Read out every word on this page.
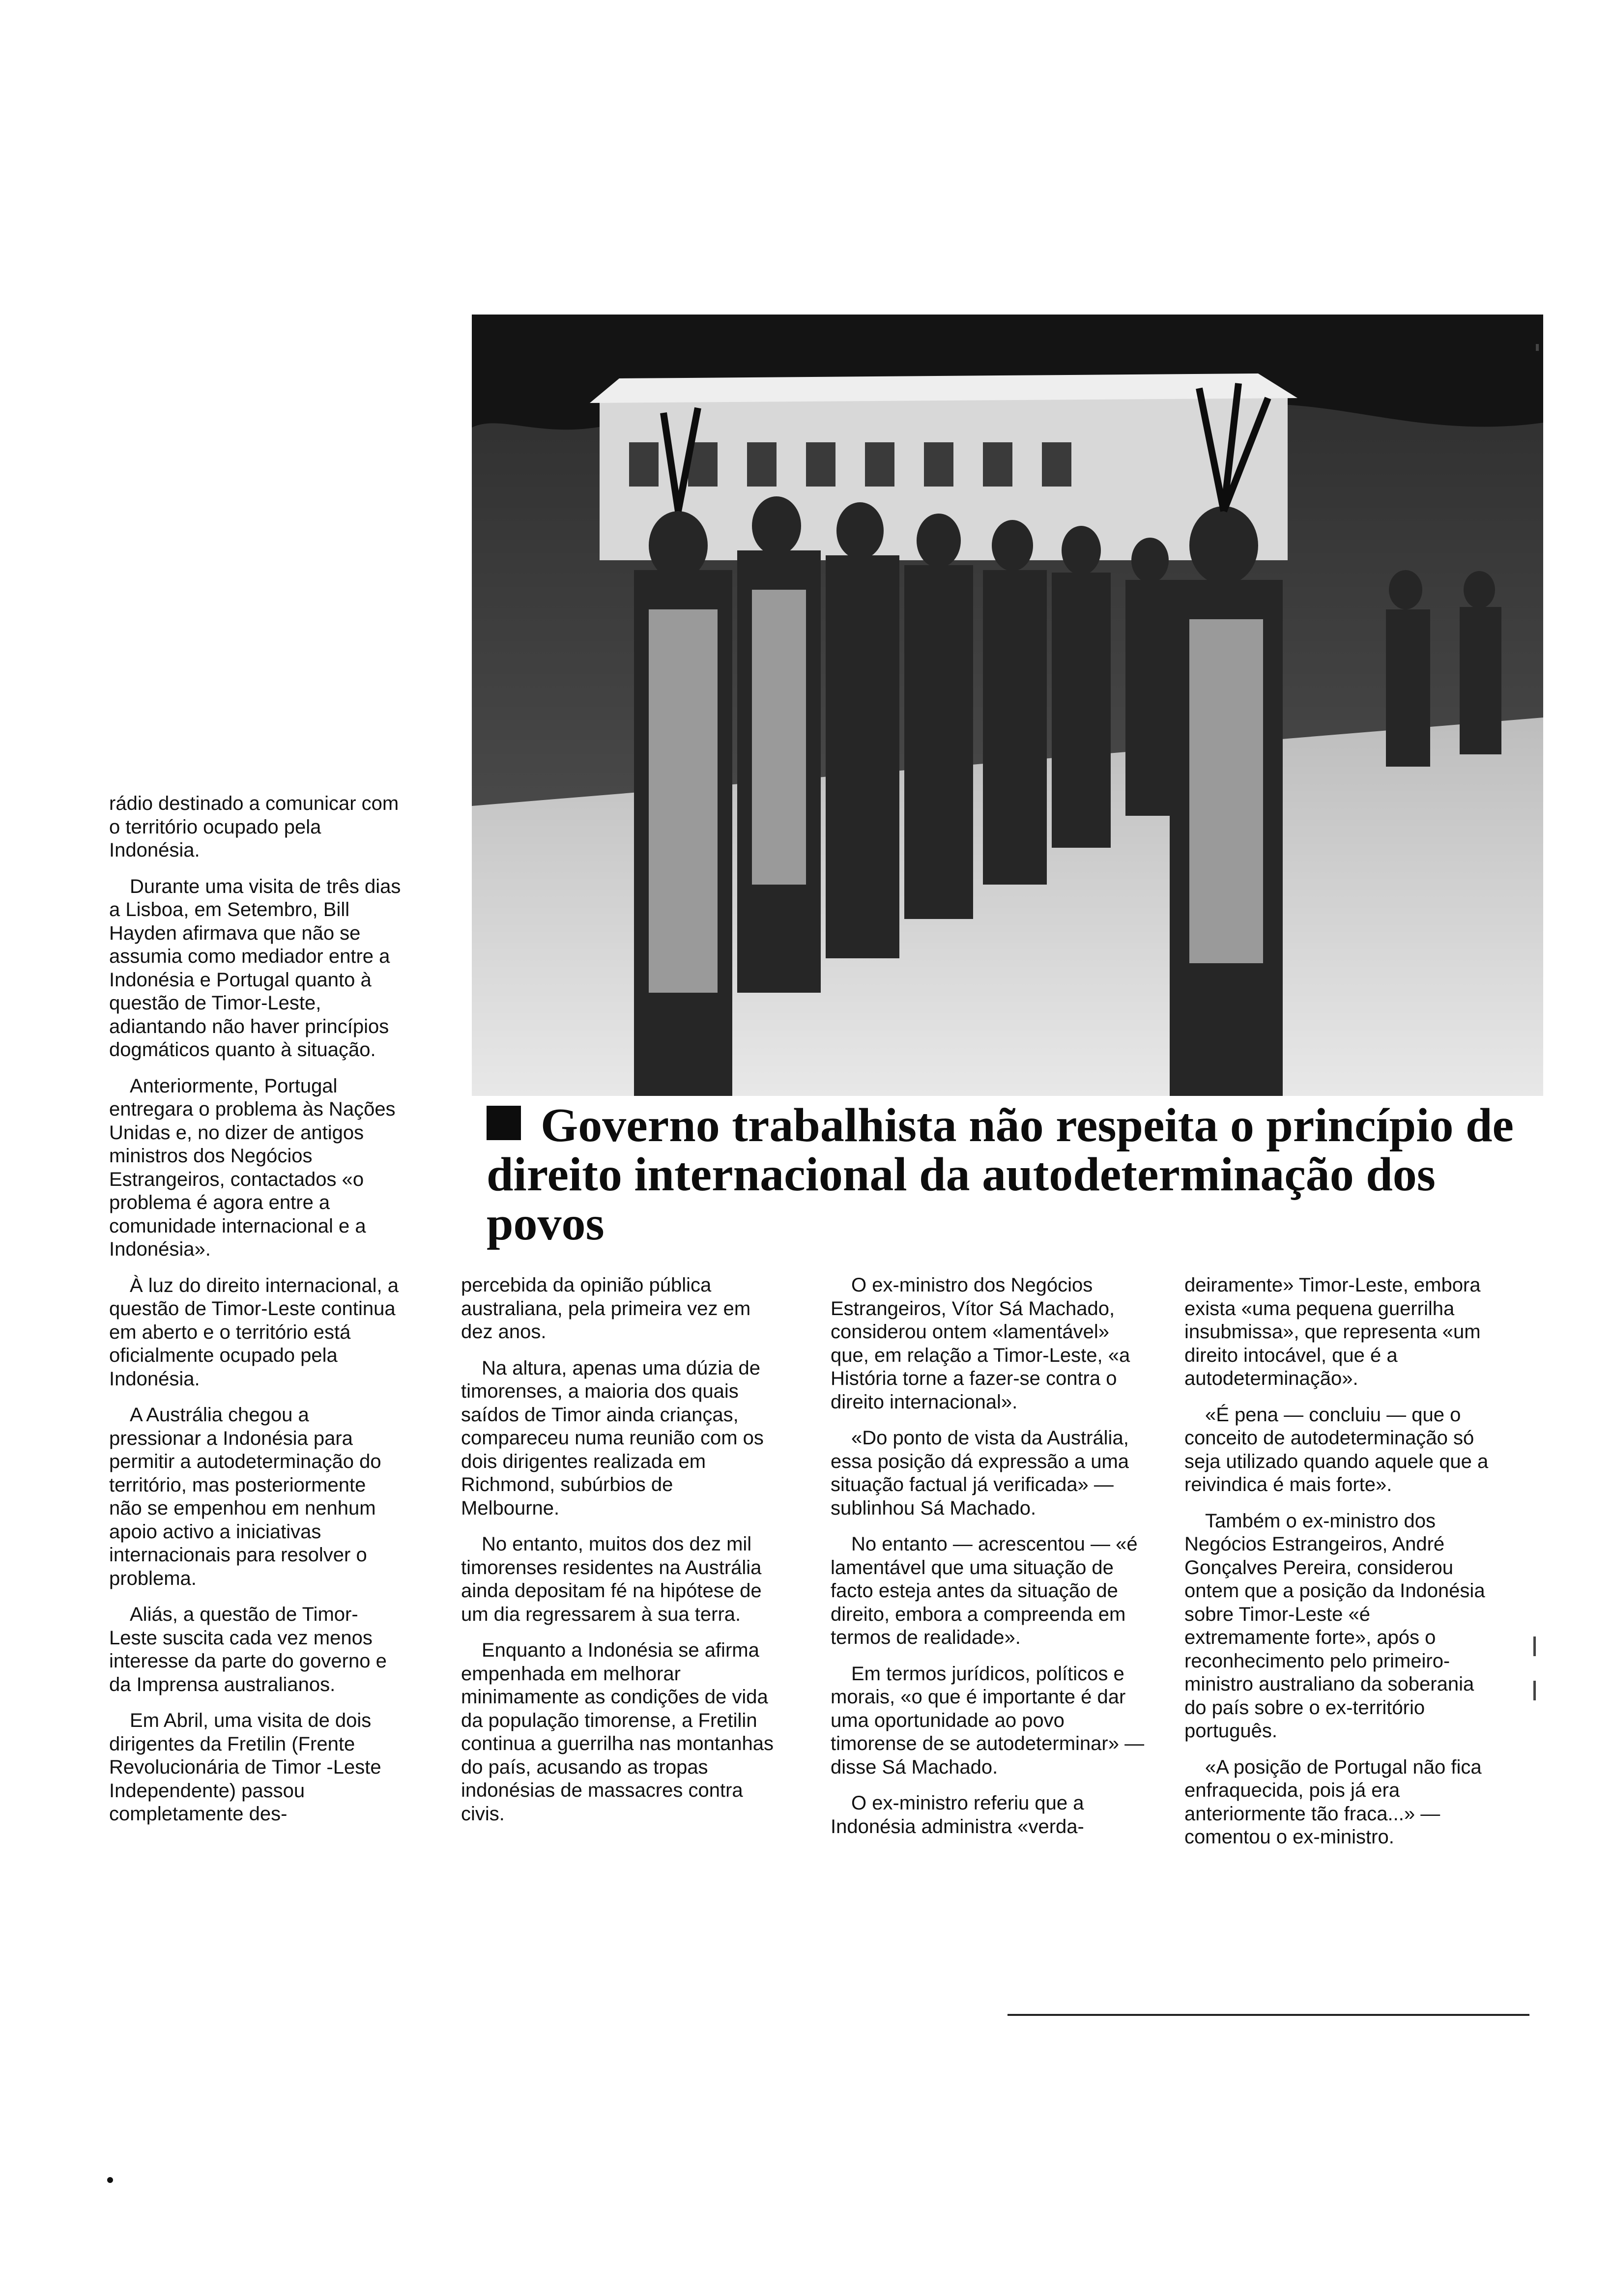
rádio destinado a comunicar com o território ocupado pela Indonésia.

Durante uma visita de três dias a Lisboa, em Setembro, Bill Hayden afirmava que não se assumia como mediador entre a Indonésia e Portugal quanto à questão de Timor-Leste, adiantando não haver princípios dogmáticos quanto à situação.

Anteriormente, Portugal entregara o problema às Nações Unidas e, no dizer de antigos ministros dos Negócios Estrangeiros, contactados «o problema é agora entre a comunidade internacional e a Indonésia».

À luz do direito internacional, a questão de Timor-Leste continua em aberto e o território está oficialmente ocupado pela Indonésia.

A Austrália chegou a pressionar a Indonésia para permitir a autodeterminação do território, mas posteriormente não se empenhou em nenhum apoio activo a iniciativas internacionais para resolver o problema.

Aliás, a questão de Timor-Leste suscita cada vez menos interesse da parte do governo e da Imprensa australianos.

Em Abril, uma visita de dois dirigentes da Fretilin (Frente Revolucionária de Timor -Leste Independente) passou completamente des-

Governo trabalhista não respeita o princípio de direito internacional da autodeterminação dos povos

percebida da opinião pública australiana, pela primeira vez em dez anos.

Na altura, apenas uma dúzia de timorenses, a maioria dos quais saídos de Timor ainda crianças, compareceu numa reunião com os dois dirigentes realizada em Richmond, subúrbios de Melbourne.

No entanto, muitos dos dez mil timorenses residentes na Austrália ainda depositam fé na hipótese de um dia regressarem à sua terra.

Enquanto a Indonésia se afirma empenhada em melhorar minimamente as condições de vida da população timorense, a Fretilin continua a guerrilha nas montanhas do país, acusando as tropas indonésias de massacres contra civis.

O ex-ministro dos Negócios Estrangeiros, Vítor Sá Machado, considerou ontem «lamentável» que, em relação a Timor-Leste, «a História torne a fazer-se contra o direito internacional».

«Do ponto de vista da Austrália, essa posição dá expressão a uma situação factual já verificada» — sublinhou Sá Machado.

No entanto — acrescentou — «é lamentável que uma situação de facto esteja antes da situação de direito, embora a compreenda em termos de realidade».

Em termos jurídicos, políticos e morais, «o que é importante é dar uma oportunidade ao povo timorense de se autodeterminar» — disse Sá Machado.

O ex-ministro referiu que a Indonésia administra «verda-

deiramente» Timor-Leste, embora exista «uma pequena guerrilha insubmissa», que representa «um direito intocável, que é a autodeterminação».

«É pena — concluiu — que o conceito de autodeterminação só seja utilizado quando aquele que a reivindica é mais forte».

Também o ex-ministro dos Negócios Estrangeiros, André Gonçalves Pereira, considerou ontem que a posição da Indonésia sobre Timor-Leste «é extremamente forte», após o reconhecimento pelo primeiro-ministro australiano da soberania do país sobre o ex-território português.

«A posição de Portugal não fica enfraquecida, pois já era anteriormente tão fraca...» — comentou o ex-ministro.
